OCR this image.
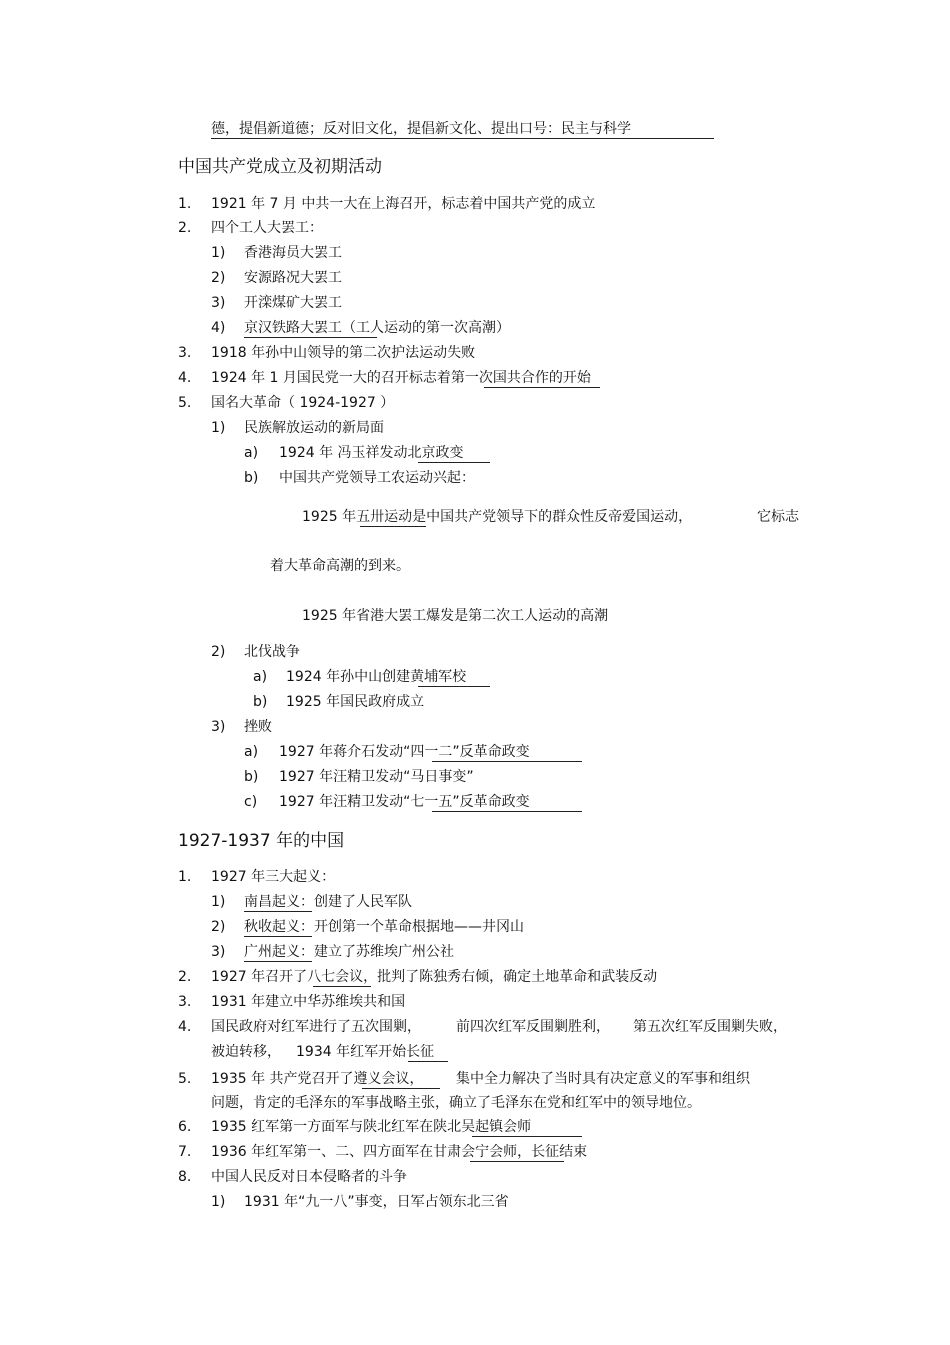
德，提倡新道德；反对旧文化，提倡新文化、提出口号：民主与科学
中国共产党成立及初期活动
1. 1921 年 7 月 中共一大在上海召开，标志着中国共产党的成立
2. 四个工人大罢工：
1) 香港海员大罢工
2) 安源路况大罢工
3) 开滦煤矿大罢工
4) 京汉铁路大罢工（工人运动的第一次高潮）
3. 1918 年孙中山领导的第二次护法运动失败
4. 1924 年 1 月国民党一大的召开标志着第一次国共合作的开始
5. 国名大革命（ 1924-1927 ）
1) 民族解放运动的新局面
a) 1924 年 冯玉祥发动北京政变
b) 中国共产党领导工农运动兴起：
1925 年五卅运动是中国共产党领导下的群众性反帝爱国运动，	它标志
着大革命高潮的到来。
1925 年省港大罢工爆发是第二次工人运动的高潮
2) 北伐战争
a) 1924 年孙中山创建黄埔军校
b) 1925 年国民政府成立
3) 挫败
a) 1927 年蒋介石发动“四一二”反革命政变
b) 1927 年汪精卫发动“马日事变”
c) 1927 年汪精卫发动“七一五”反革命政变
1927-1937 年的中国
1. 1927 年三大起义：
1) 南昌起义：创建了人民军队
2) 秋收起义：开创第一个革命根据地——井冈山
3) 广州起义：建立了苏维埃广州公社
2. 1927 年召开了八七会议，批判了陈独秀右倾，确定土地革命和武装反动
3. 1931 年建立中华苏维埃共和国
4. 国民政府对红军进行了五次围剿，	前四次红军反围剿胜利， 第五次红军反围剿失败，
被迫转移， 1934 年红军开始长征
5. 1935 年 共产党召开了遵义会议， 集中全力解决了当时具有决定意义的军事和组织
问题，肯定的毛泽东的军事战略主张，确立了毛泽东在党和红军中的领导地位。
6. 1935 红军第一方面军与陕北红军在陕北吴起镇会师
7. 1936 年红军第一、二、四方面军在甘肃会宁会师，长征结束
8. 中国人民反对日本侵略者的斗争
1) 1931 年“九一八”事变，日军占领东北三省
